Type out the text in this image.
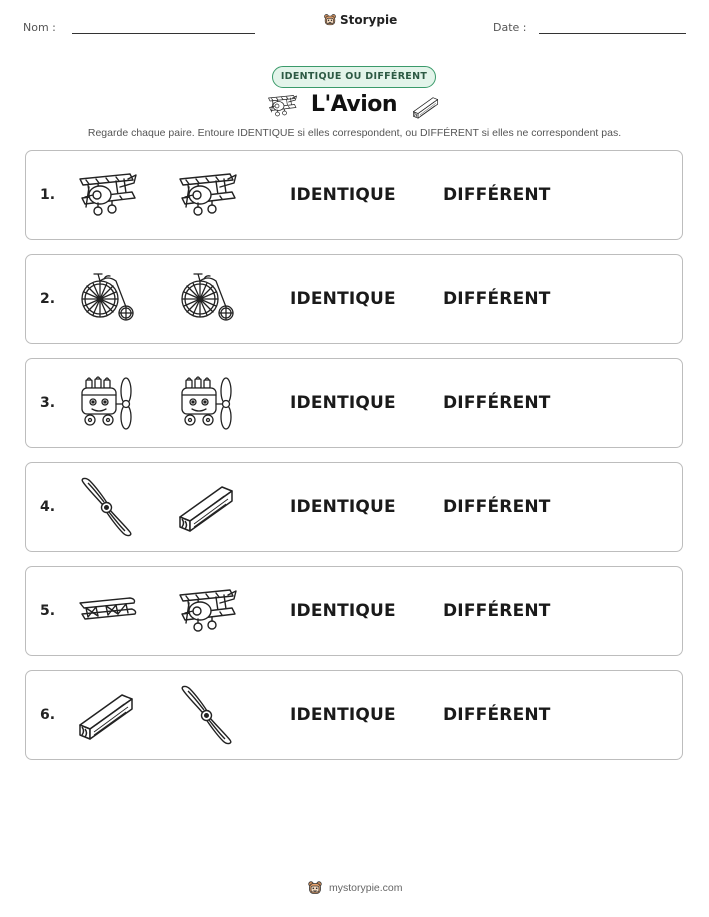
Nom :
Storypie
Date :
IDENTIQUE OU DIFFÉRENT
L'Avion
Regarde chaque paire. Entoure IDENTIQUE si elles correspondent, ou DIFFÉRENT si elles ne correspondent pas.
1.	IDENTIQUE	DIFFÉRENT
2.	IDENTIQUE	DIFFÉRENT
3.	IDENTIQUE	DIFFÉRENT
4.	IDENTIQUE	DIFFÉRENT
5.	IDENTIQUE	DIFFÉRENT
6.	IDENTIQUE	DIFFÉRENT
mystorypie.com
